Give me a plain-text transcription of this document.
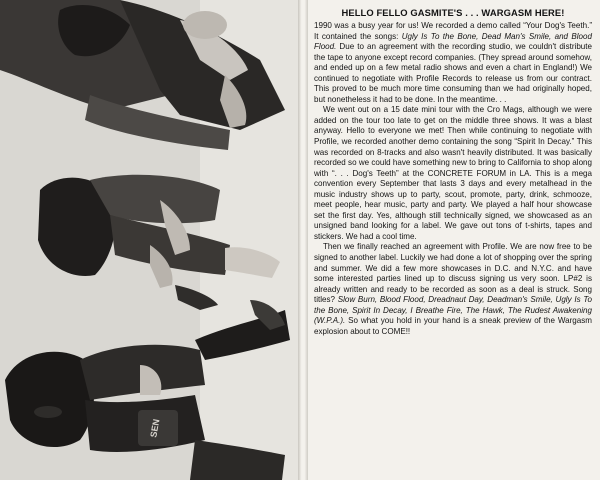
SEN
HELLO FELLO GASMITE'S . . . WARGASM HERE!

1990 was a busy year for us! We recorded a demo called “Your Dog's Teeth.” It contained the songs: Ugly Is To the Bone, Dead Man's Smile, and Blood Flood. Due to an agreement with the recording studio, we couldn't distribute the tape to anyone except record companies. (They spread around somehow, and ended up on a few metal radio shows and even a chart in England!) We continued to negotiate with Profile Records to release us from our contract. This proved to be much more time consuming than we had originally hoped, but nonetheless it had to be done. In the meantime. . .

We went out on a 15 date mini tour with the Cro Mags, although we were added on the tour too late to get on the middle three shows. It was a blast anyway. Hello to everyone we met! Then while continuing to negotiate with Profile, we recorded another demo containing the song “Spirit In Decay.” This was recorded on 8-tracks and also wasn't heavily distributed. It was basically recorded so we could have something new to bring to California to shop along with “. . . Dog's Teeth” at the CONCRETE FORUM in LA. This is a mega convention every September that lasts 3 days and every metalhead in the music industry shows up to party, scout, promote, party, drink, schmooze, meet people, hear music, party and party. We played a half hour showcase set the first day. Yes, although still technically signed, we showcased as an unsigned band looking for a label. We gave out tons of t-shirts, tapes and stickers. We had a cool time.

Then we finally reached an agreement with Profile. We are now free to be signed to another label. Luckily we had done a lot of shopping over the spring and summer. We did a few more showcases in D.C. and N.Y.C. and have some interested parties lined up to discuss signing us very soon. LP#2 is already written and ready to be recorded as soon as a deal is struck. Song titles? Slow Burn, Blood Flood, Dreadnaut Day, Deadman's Smile, Ugly Is To the Bone, Spirit In Decay, I Breathe Fire, The Hawk, The Rudest Awakening (W.P.A.). So what you hold in your hand is a sneak preview of the Wargasm explosion about to COME!!
